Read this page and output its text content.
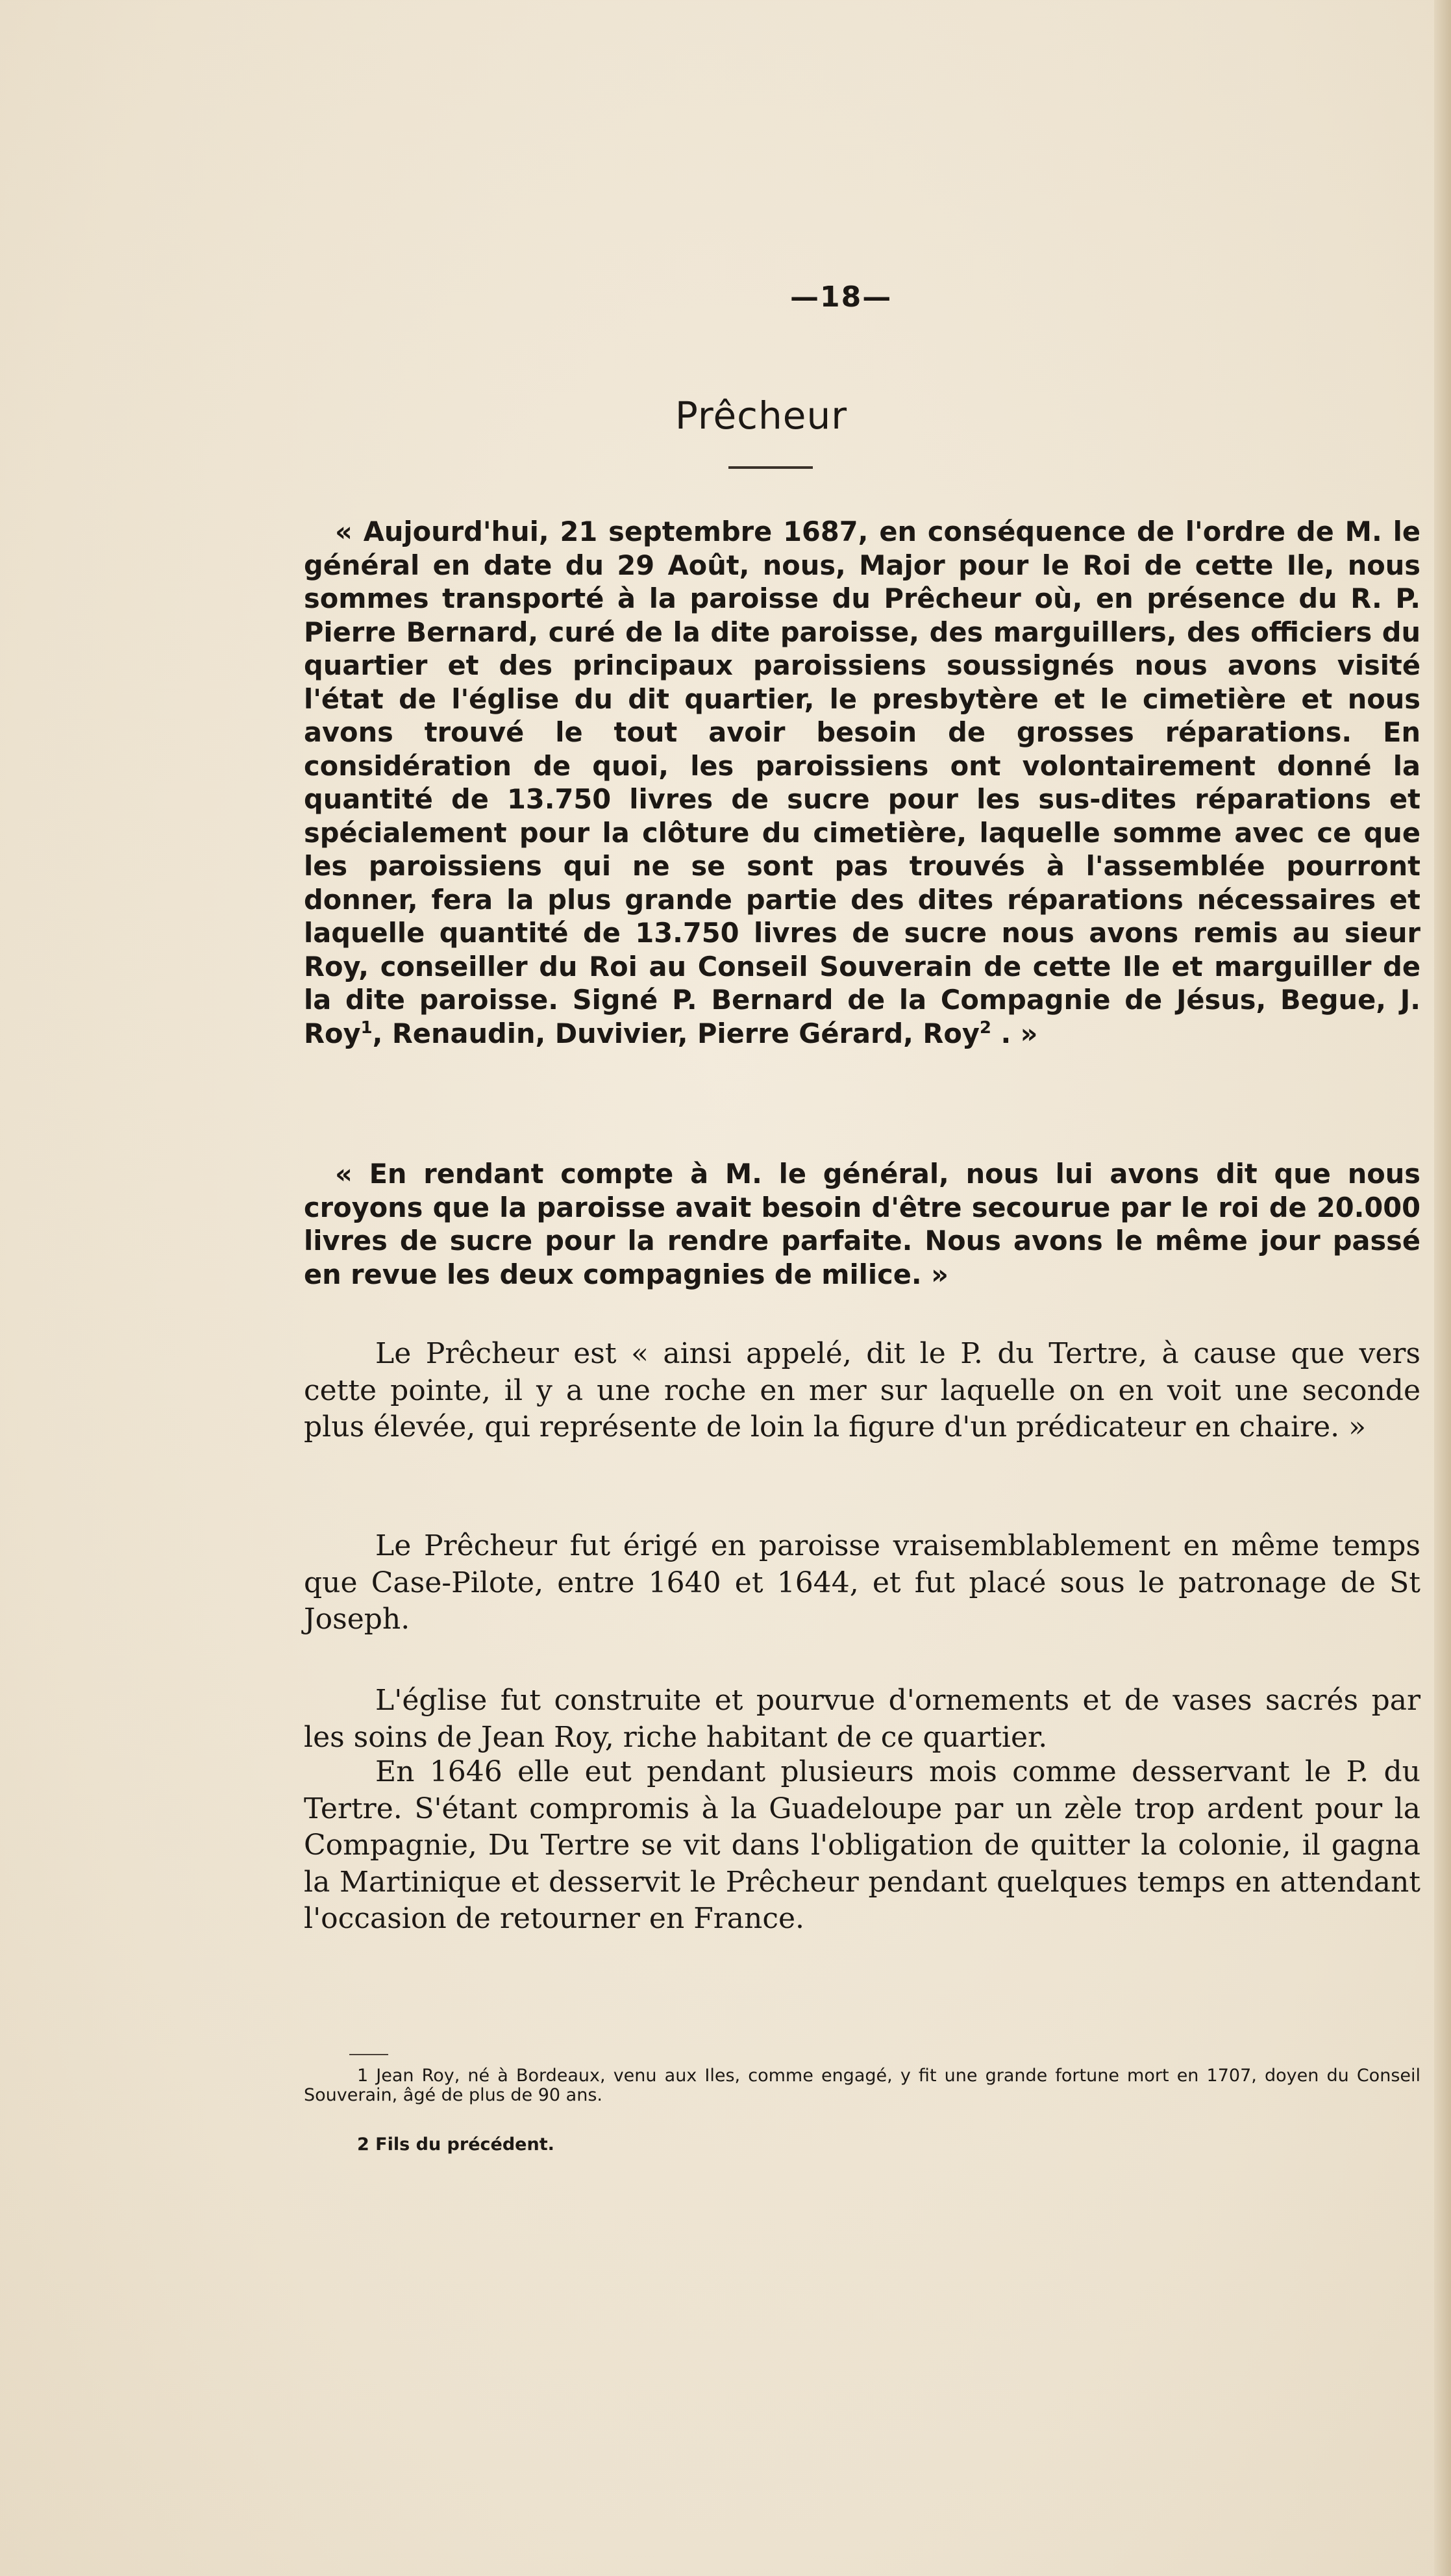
—18—
Prêcheur

« Aujourd'hui, 21 septembre 1687, en conséquence de l'ordre de M. le général en date du 29 Août, nous, Major pour le Roi de cette Ile, nous sommes transporté à la paroisse du Prêcheur où, en présence du R. P. Pierre Bernard, curé de la dite paroisse, des marguillers, des officiers du quartier et des principaux paroissiens soussignés nous avons visité l'état de l'église du dit quartier, le presbytère et le cimetière et nous avons trouvé le tout avoir besoin de grosses réparations. En considération de quoi, les paroissiens ont volontairement donné la quantité de 13.750 livres de sucre pour les sus-dites réparations et spécialement pour la clôture du cimetière, laquelle somme avec ce que les paroissiens qui ne se sont pas trouvés à l'assemblée pourront donner, fera la plus grande partie des dites réparations nécessaires et laquelle quantité de 13.750 livres de sucre nous avons remis au sieur Roy, conseiller du Roi au Conseil Souverain de cette Ile et marguiller de la dite paroisse. Signé P. Bernard de la Compagnie de Jésus, Begue, J. Roy$^1$, Renaudin, Duvivier, Pierre Gérard, Roy$^2$ . »

« En rendant compte à M. le général, nous lui avons dit que nous croyons que la paroisse avait besoin d'être secourue par le roi de 20.000 livres de sucre pour la rendre parfaite. Nous avons le même jour passé en revue les deux compagnies de milice. »

Le Prêcheur est « ainsi appelé, dit le P. du Tertre, à cause que vers cette pointe, il y a une roche en mer sur laquelle on en voit une seconde plus élevée, qui représente de loin la figure d'un prédicateur en chaire. »

Le Prêcheur fut érigé en paroisse vraisemblablement en même temps que Case-Pilote, entre 1640 et 1644, et fut placé sous le patronage de St Joseph.

L'église fut construite et pourvue d'ornements et de vases sacrés par les soins de Jean Roy, riche habitant de ce quartier.

En 1646 elle eut pendant plusieurs mois comme desservant le P. du Tertre. S'étant compromis à la Guadeloupe par un zèle trop ardent pour la Compagnie, Du Tertre se vit dans l'obligation de quitter la colonie, il gagna la Martinique et desservit le Prêcheur pendant quelques temps en attendant l'occasion de retourner en France.

1 Jean Roy, né à Bordeaux, venu aux Iles, comme engagé, y fit une grande fortune mort en 1707, doyen du Conseil Souverain, âgé de plus de 90 ans.

2 Fils du précédent.
